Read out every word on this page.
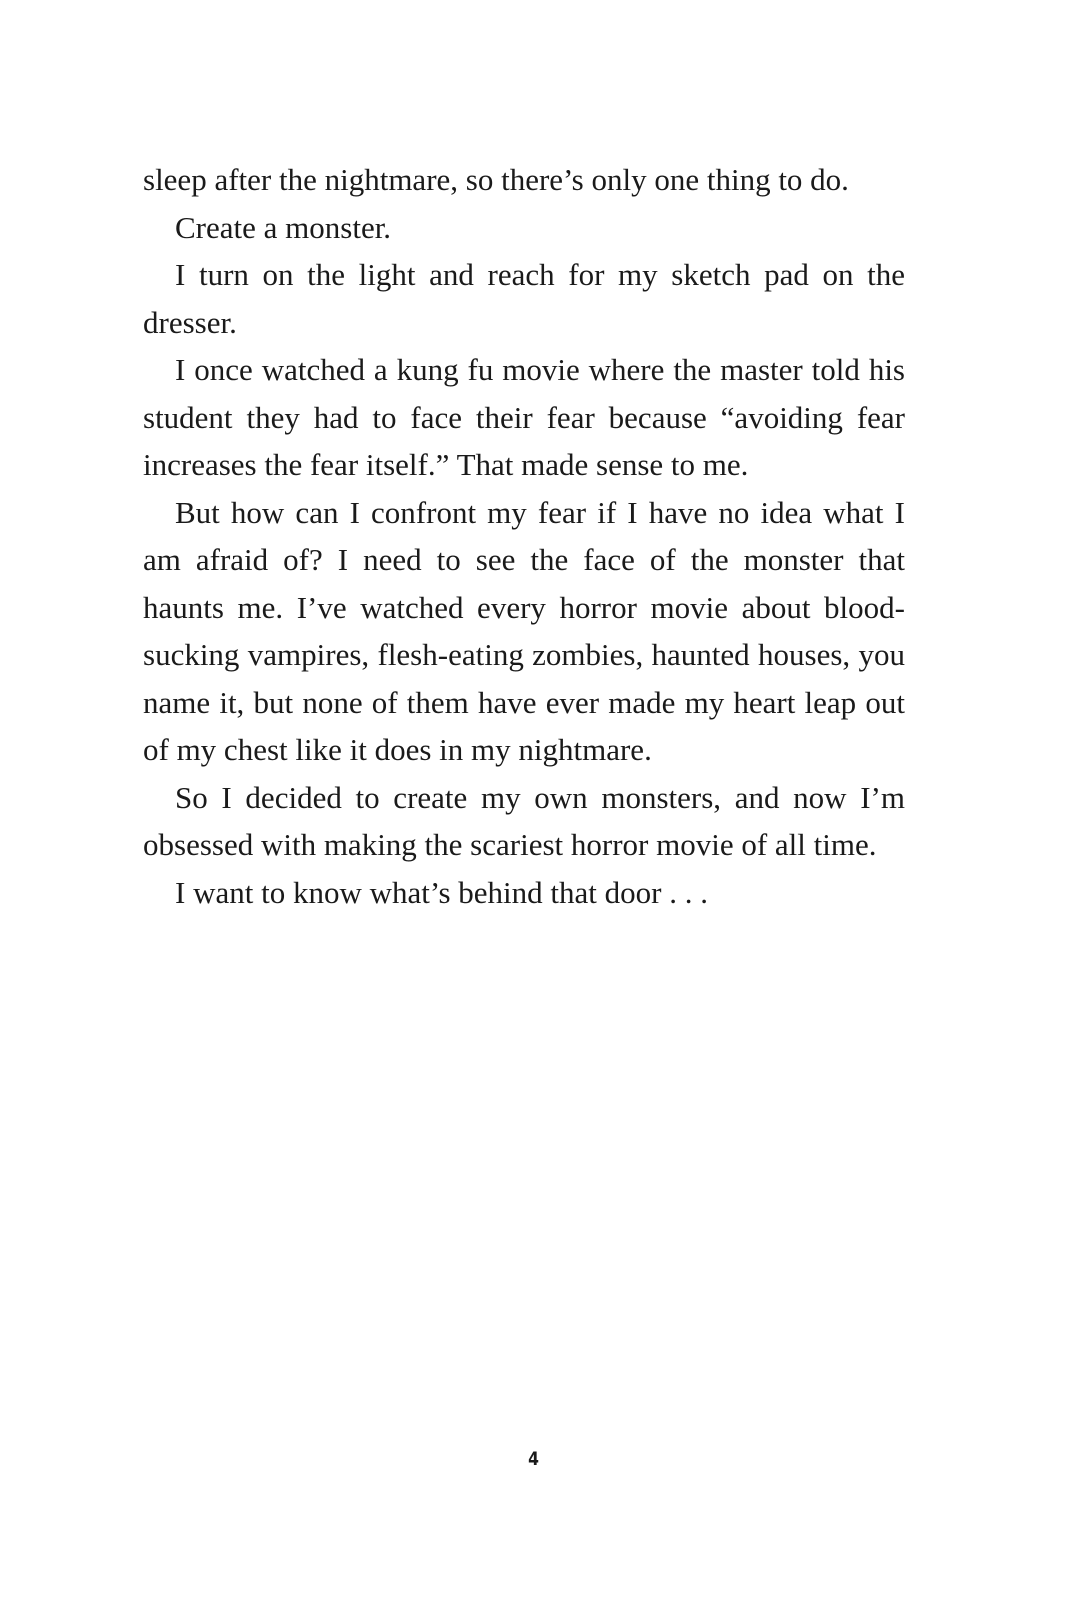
sleep after the nightmare, so there’s only one thing to do.

Create a monster.

I turn on the light and reach for my sketch pad on the dresser.

I once watched a kung fu movie where the master told his student they had to face their fear because “avoiding fear increases the fear itself.” That made sense to me.

But how can I confront my fear if I have no idea what I am afraid of? I need to see the face of the monster that haunts me. I’ve watched every horror movie about blood-sucking vampires, flesh-eating zombies, haunted houses, you name it, but none of them have ever made my heart leap out of my chest like it does in my nightmare.

So I decided to create my own monsters, and now I’m obsessed with making the scariest horror movie of all time.

I want to know what’s behind that door . . .

4
